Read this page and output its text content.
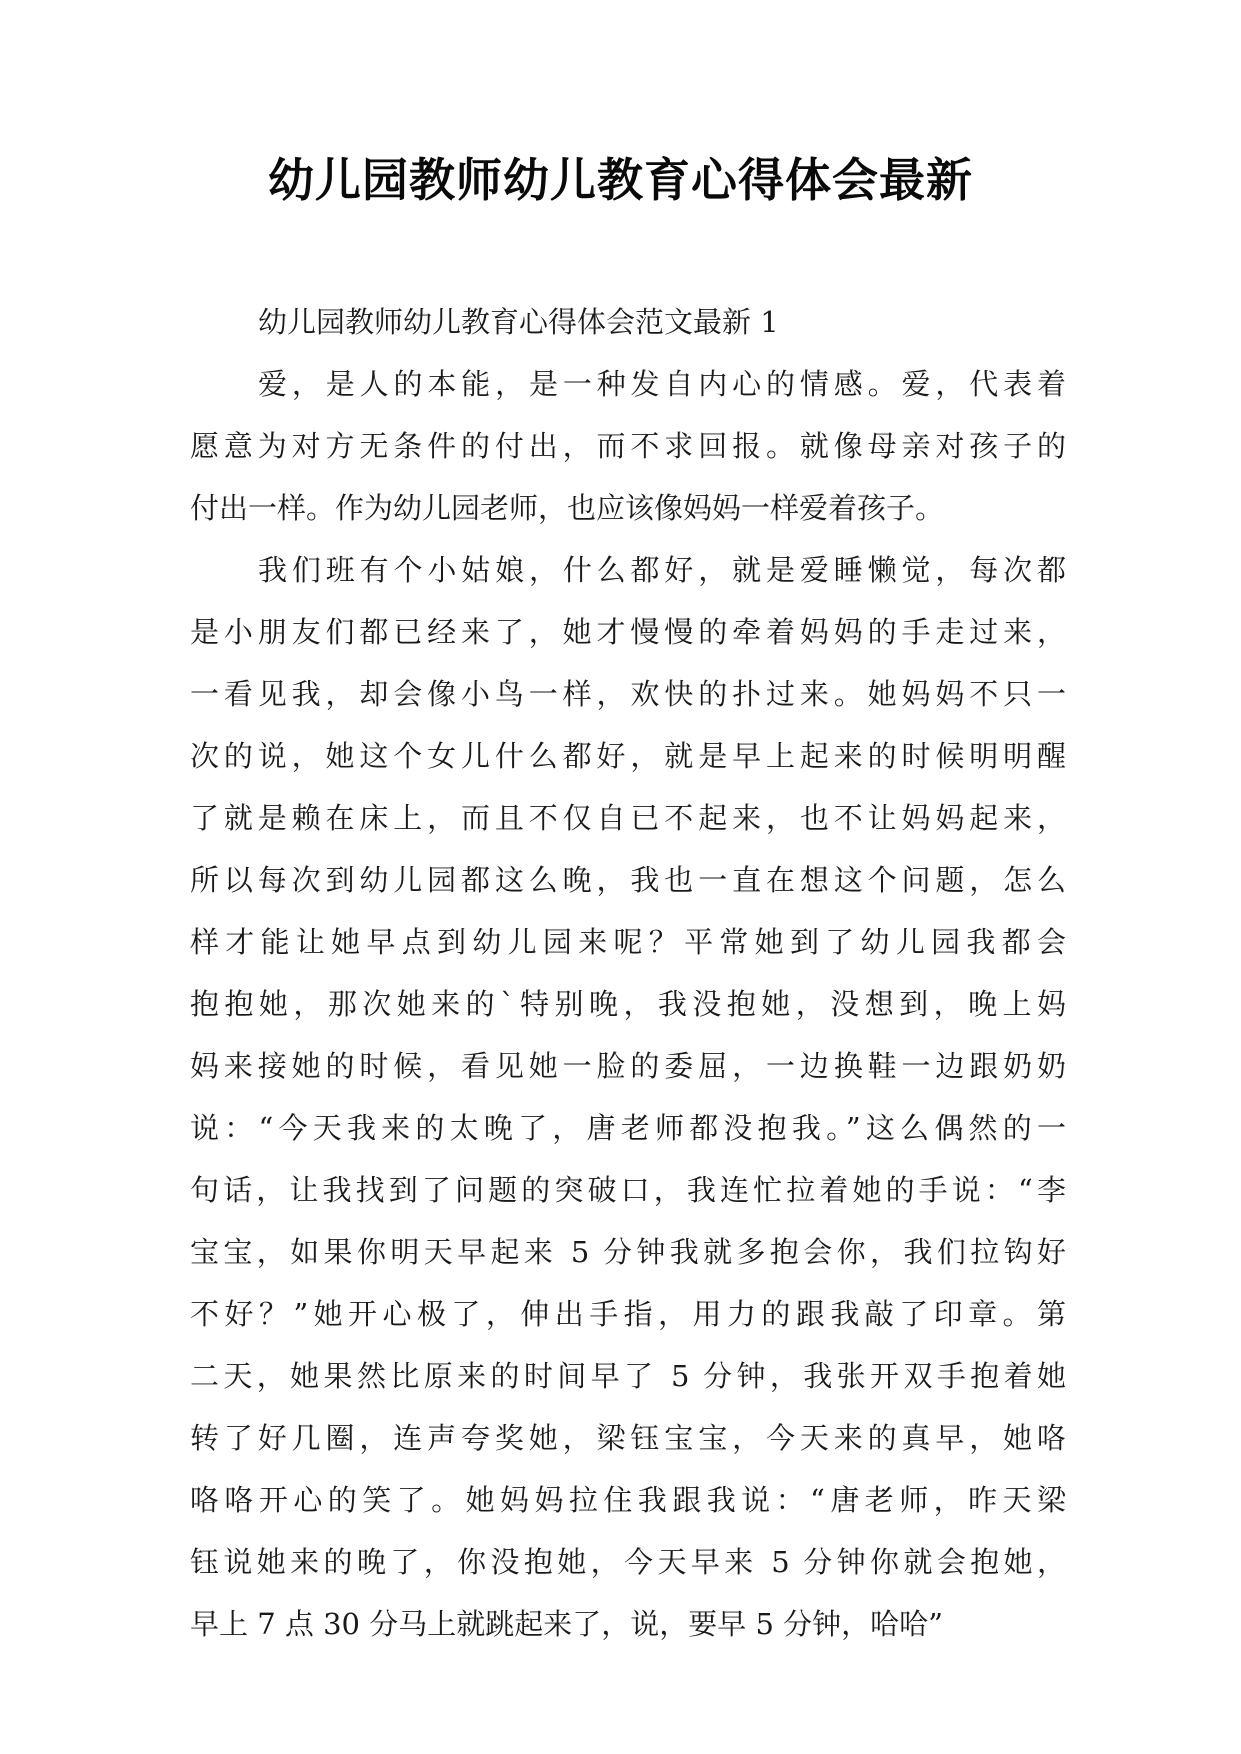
幼儿园教师幼儿教育心得体会最新
幼儿园教师幼儿教育心得体会范文最新 1
爱，是人的本能，是一种发自内心的情感。爱，代表着
愿意为对方无条件的付出，而不求回报。就像母亲对孩子的
付出一样。作为幼儿园老师，也应该像妈妈一样爱着孩子。
我们班有个小姑娘，什么都好，就是爱睡懒觉，每次都
是小朋友们都已经来了，她才慢慢的牵着妈妈的手走过来，
一看见我，却会像小鸟一样，欢快的扑过来。她妈妈不只一
次的说，她这个女儿什么都好，就是早上起来的时候明明醒
了就是赖在床上，而且不仅自已不起来，也不让妈妈起来，
所以每次到幼儿园都这么晚，我也一直在想这个问题，怎么
样才能让她早点到幼儿园来呢？平常她到了幼儿园我都会
抱抱她，那次她来的`特别晚，我没抱她，没想到，晚上妈
妈来接她的时候，看见她一脸的委屈，一边换鞋一边跟奶奶
说：“今天我来的太晚了，唐老师都没抱我。”这么偶然的一
句话，让我找到了问题的突破口，我连忙拉着她的手说：“李
宝宝，如果你明天早起来 5 分钟我就多抱会你，我们拉钩好
不好？”她开心极了，伸出手指，用力的跟我敲了印章。第
二天，她果然比原来的时间早了 5 分钟，我张开双手抱着她
转了好几圈，连声夸奖她，梁钰宝宝，今天来的真早，她咯
咯咯开心的笑了。她妈妈拉住我跟我说：“唐老师，昨天梁
钰说她来的晚了，你没抱她，今天早来 5 分钟你就会抱她，
早上 7 点 30 分马上就跳起来了，说，要早 5 分钟，哈哈”
